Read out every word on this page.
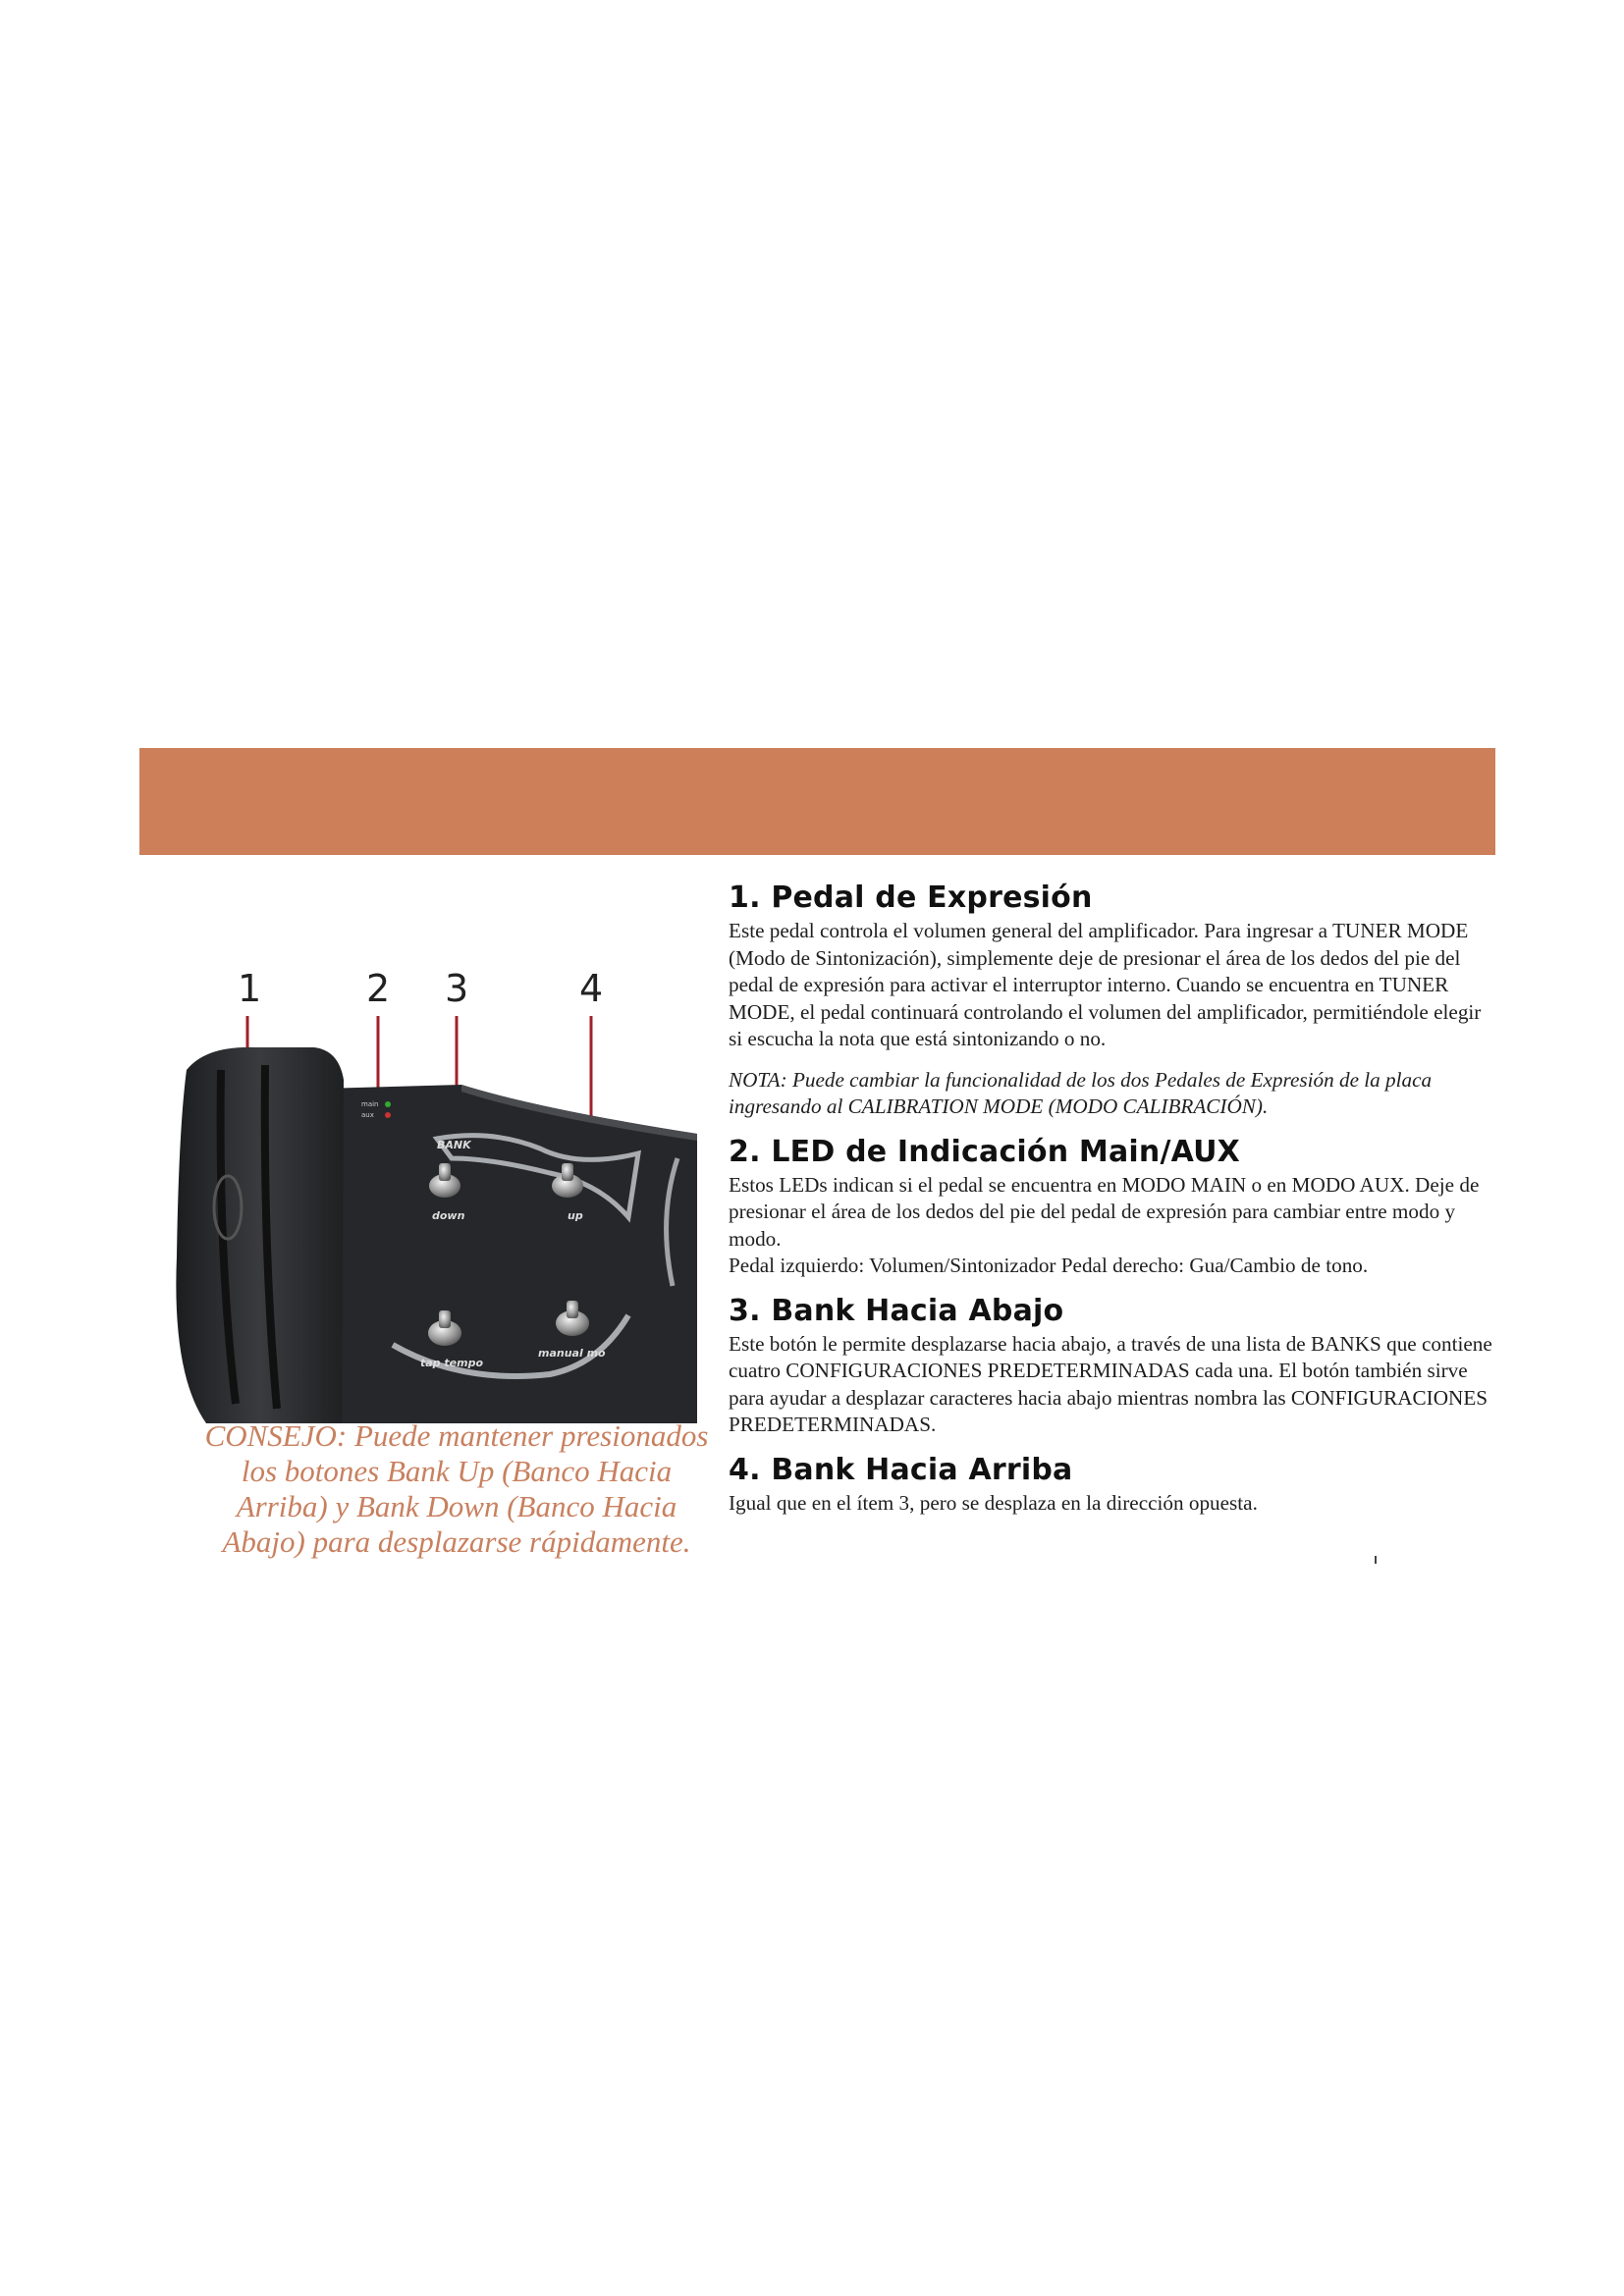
main
aux
BANK
down	up
tap tempo
manual mo
1	2 3	4
CONSEJO: Puede mantener presionados los botones Bank Up (Banco Hacia Arriba) y Bank Down (Banco Hacia Abajo) para desplazarse rápidamente.
1. Pedal de Expresión

Este pedal controla el volumen general del amplificador. Para ingresar a TUNER MODE (Modo de Sintonización), simplemente deje de presionar el área de los dedos del pie del pedal de expresión para activar el interruptor interno. Cuando se encuentra en TUNER MODE, el pedal continuará controlando el volumen del amplificador, permitiéndole elegir si escucha la nota que está sintonizando o no.

NOTA: Puede cambiar la funcionalidad de los dos Pedales de Expresión de la placa ingresando al CALIBRATION MODE (MODO CALIBRACIÓN).

2. LED de Indicación Main/AUX

Estos LEDs indican si el pedal se encuentra en MODO MAIN o en MODO AUX. Deje de presionar el área de los dedos del pie del pedal de expresión para cambiar entre modo y modo.

Pedal izquierdo: Volumen/Sintonizador Pedal derecho: Gua/Cambio de tono.

3. Bank Hacia Abajo

Este botón le permite desplazarse hacia abajo, a través de una lista de BANKS que contiene cuatro CONFIGURACIONES PREDETERMINADAS cada una. El botón también sirve para ayudar a desplazar caracteres hacia abajo mientras nombra las CONFIGURACIONES PREDETERMINADAS.

4. Bank Hacia Arriba

Igual que en el ítem 3, pero se desplaza en la dirección opuesta.
